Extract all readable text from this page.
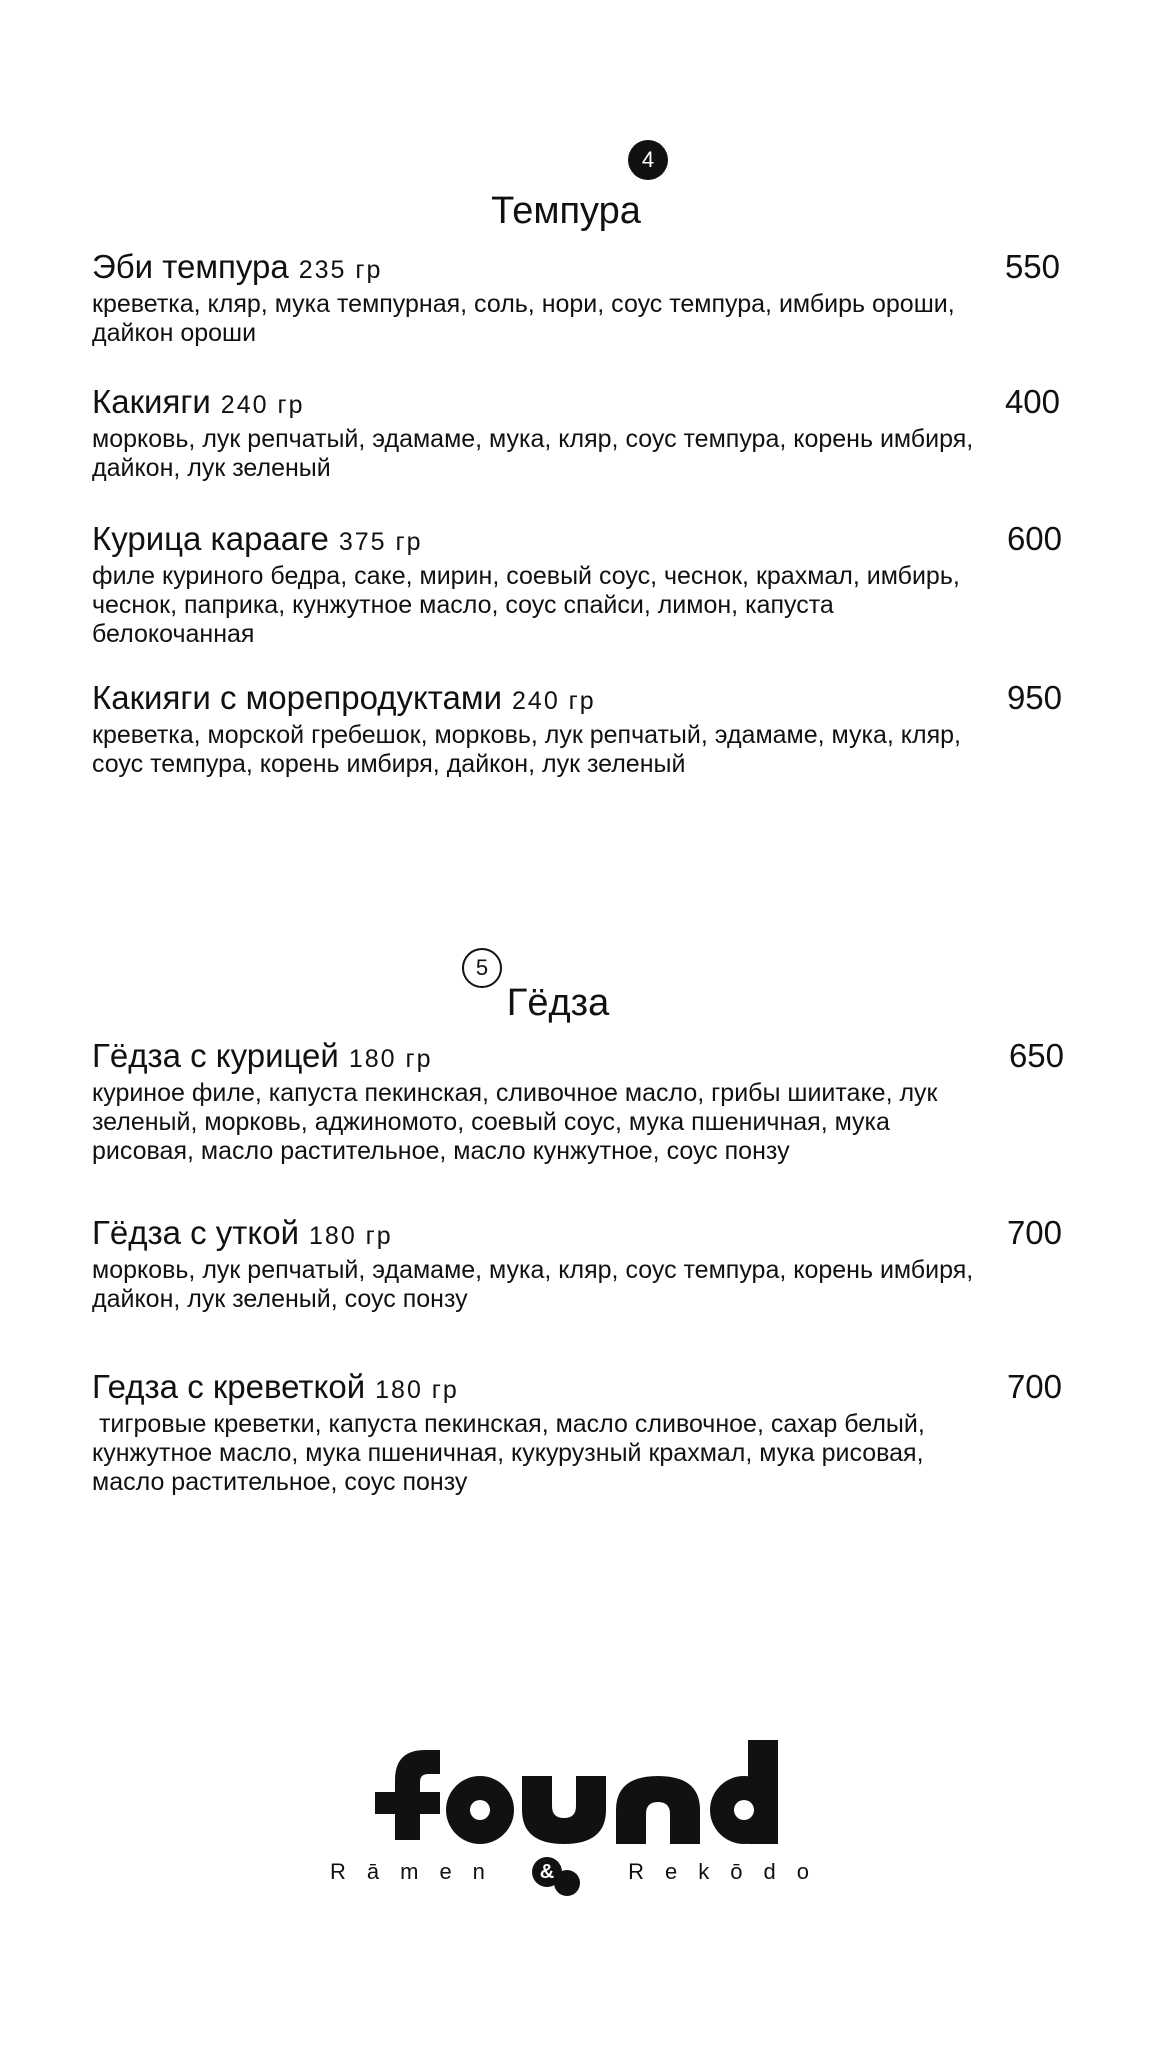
4
Темпура
Эби темпура 235 гр
креветка, кляр, мука темпурная, соль, нори, соус темпура, имбирь ороши, дайкон ороши
550
Какияги 240 гр
морковь, лук репчатый, эдамаме, мука, кляр, соус темпура, корень имбиря, дайкон, лук зеленый
400
Курица карааге 375 гр
филе куриного бедра, саке, мирин, соевый соус, чеснок, крахмал, имбирь, чеснок, паприка, кунжутное масло, соус спайси, лимон, капуста белокочанная
600
Какияги с морепродуктами 240 гр
креветка, морской гребешок, морковь, лук репчатый, эдамаме, мука, кляр, соус темпура, корень имбиря, дайкон, лук зеленый
950
5
Гёдза
Гёдза с курицей 180 гр
куриное филе, капуста пекинская, сливочное масло, грибы шиитаке, лук зеленый, морковь, аджиномото, соевый соус, мука пшеничная, мука рисовая, масло растительное, масло кунжутное, соус понзу
650
Гёдза с уткой 180 гр
морковь, лук репчатый, эдамаме, мука, кляр, соус темпура, корень имбиря, дайкон, лук зеленый, соус понзу
700
Гедза с креветкой 180 гр
тигровые креветки, капуста пекинская, масло сливочное, сахар белый, кунжутное масло, мука пшеничная, кукурузный крахмал, мука рисовая, масло растительное, соус понзу
700
Rāmen	&	Rekōdo
